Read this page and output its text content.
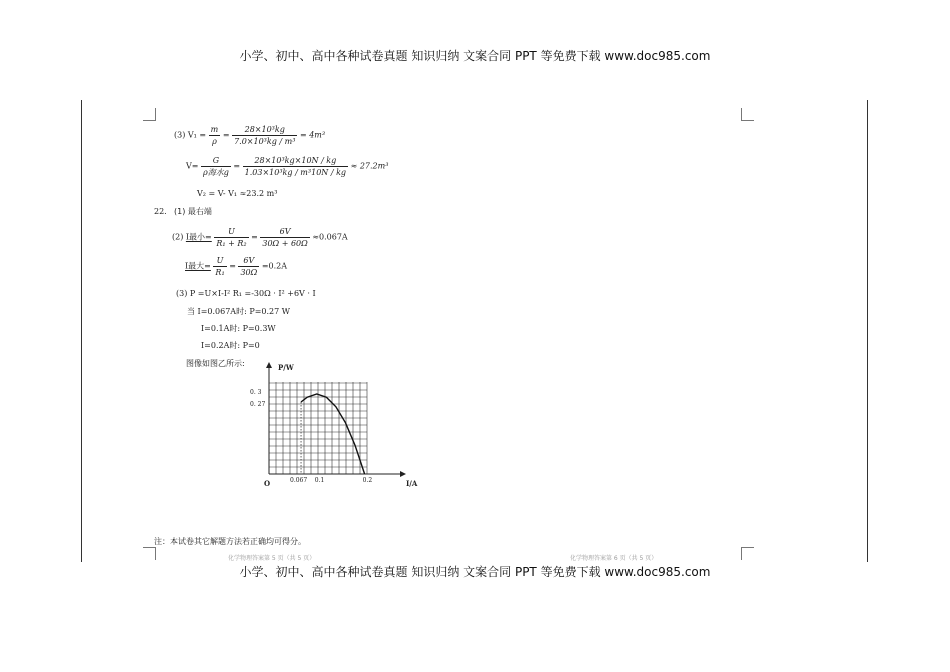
小学、初中、高中各种试卷真题 知识归纳 文案合同 PPT 等免费下载 www.doc985.com
(3) $V_1 = \frac{m}{\rho} = \frac{\text{28×10³kg}}{\text{7.0×10³kg / m³}} = 4m^3$
$V= \frac{G}{\text{ρ海水g}} = \frac{\text{28×10³kg×10N / kg}}{\text{1.03×10³kg / m³10N / kg}} \approx 27.2m^3$
V₂ = V- V₁ ≈23.2 m³
22. (1) 最右端
(2) I最小= $\frac{U}{\text{R₁ + R₂}} = \frac{6V}{30\Omega + 60\Omega} \approx 0.067A$
I最大= $\frac{U}{\text{R₁}} = \frac{6V}{30\Omega} =0.2A$
(3) P =U×I-I² R₁ =-30Ω · I² +6V · I
当 I=0.067A时: P=0.27 W
I=0.1A时: P=0.3W
I=0.2A时: P=0
图像如图乙所示:
0.067 0.1	0.2
0. 3
0. 27
I/A
P/W
O
注：本试卷其它解题方法若正确均可得分。
化学物理答案第 5 页（共 5 页）	化学物理答案第 6 页（共 5 页）
小学、初中、高中各种试卷真题 知识归纳 文案合同 PPT 等免费下载 www.doc985.com
